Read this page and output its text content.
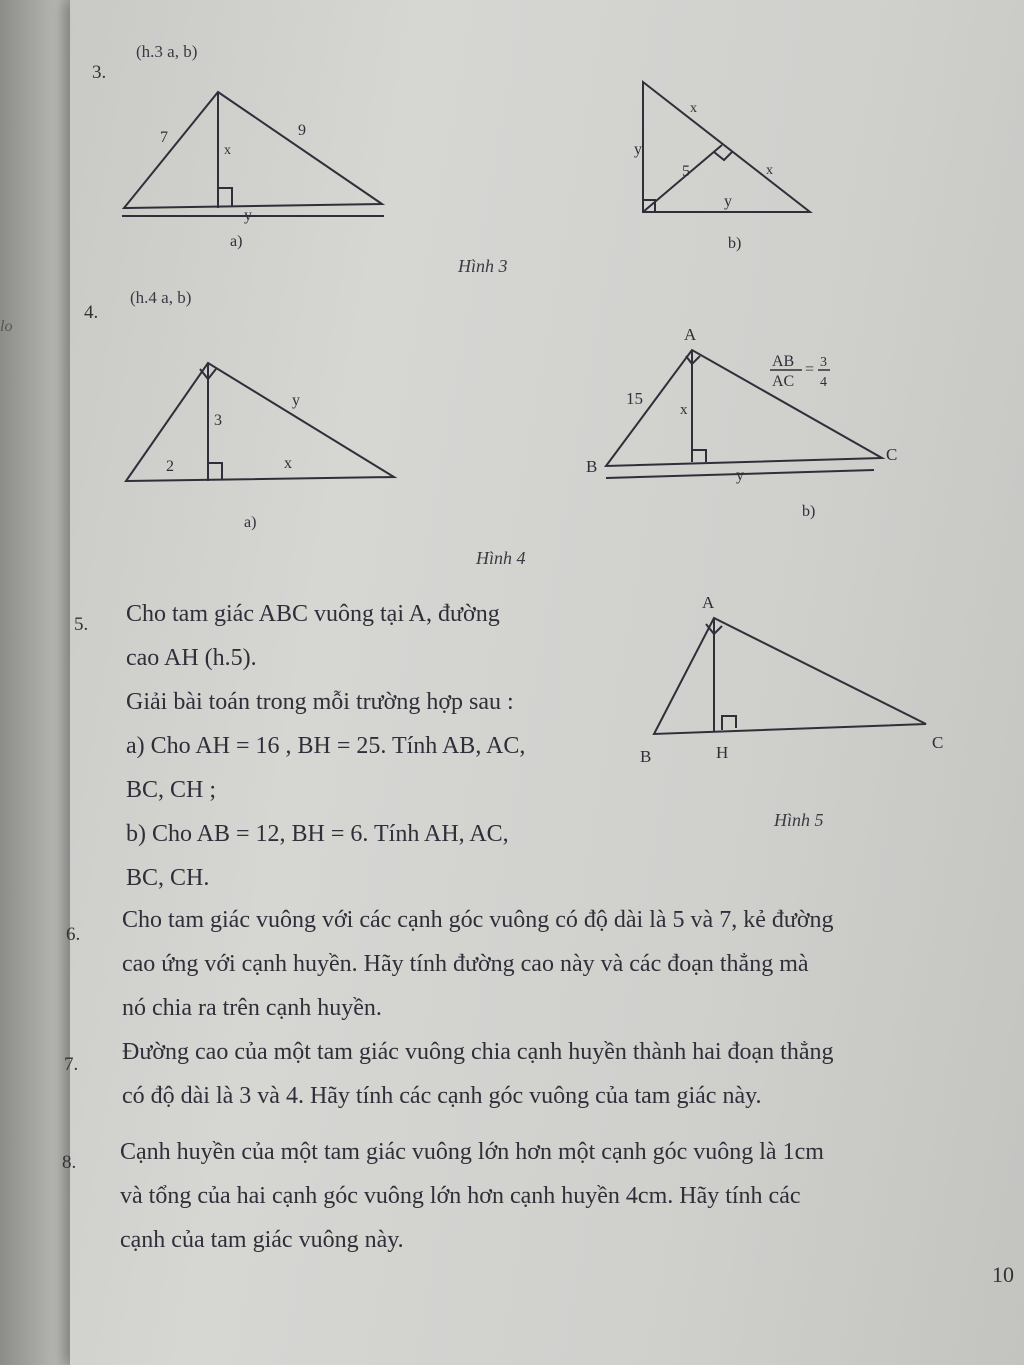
lo
3.
(h.3 a, b)
7	9
x
y
a)
y
x
5	x
y
b)
Hình 3
4.
(h.4 a, b)
3
2
y
x
a)
A
B
C
15
x
y
AB
AC
= 3
4
b)
Hình 4
5. Cho tam giác ABC vuông tại A, đường
cao AH (h.5).
Giải bài toán trong mỗi trường hợp sau :
a) Cho AH = 16 , BH = 25. Tính AB, AC,
BC, CH ;
b) Cho AB = 12, BH = 6. Tính AH, AC,
BC, CH.
A
B	H
C
Hình 5
6.
Cho tam giác vuông với các cạnh góc vuông có độ dài là 5 và 7, kẻ đường
cao ứng với cạnh huyền. Hãy tính đường cao này và các đoạn thẳng mà
nó chia ra trên cạnh huyền.
7. Đường cao của một tam giác vuông chia cạnh huyền thành hai đoạn thẳng
có độ dài là 3 và 4. Hãy tính các cạnh góc vuông của tam giác này.
8. Cạnh huyền của một tam giác vuông lớn hơn một cạnh góc vuông là 1cm
và tổng của hai cạnh góc vuông lớn hơn cạnh huyền 4cm. Hãy tính các
cạnh của tam giác vuông này.
10
